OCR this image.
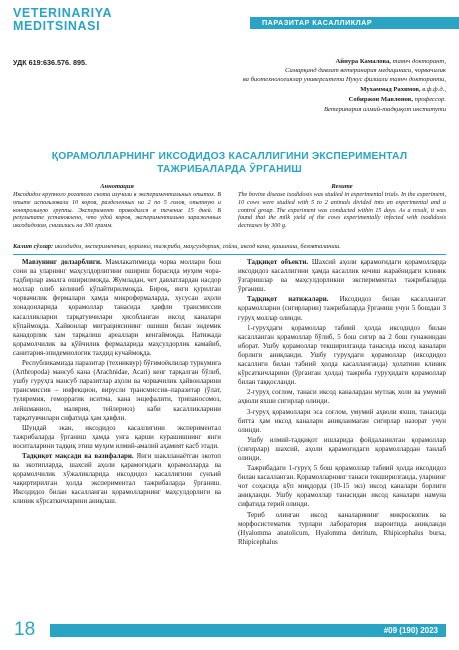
VETERINARIYA
MEDITSINASI	ПАРАЗИТАР КАСАЛЛИКЛАР
УДК 619:636.576. 895.	Айнура Камалова, таянч докторант,
Самарқанд давлат ветеринария медицинаси, чорвачилик
ва биотехнологиялар университети Нукус филиали таянч докторанти,
Мухаммад Рахимов, в.ф.ф.д.,
Собиржон Мавлонов, профессор.
Ветеринария илмий-тадқиқот институти
ҚОРАМОЛЛАРНИНГ ИКСОДИДОЗ КАСАЛЛИГИНИ ЭКСПЕРИМЕНТАЛ
ТАЖРИБАЛАРДА ЎРГАНИШ
Аннотация
Иксодидоз крупного рогатого скота изучали в экспериментальных опытах. В опыте использовали 10 коров, разделенных на 2 по 5 голов, опытную и контрольную группы. Эксперимент проводился в течение 15 дней. В результате установлено, что удой коров, экспериментально зараженных иксодидозом, снизились на 300 грамм.
Resume
The bovine disease ixodidosis was studied in experimental trials. In the experiment, 10 cows were studied with 5 to 2 animals divided into an experimental and a control group. The experiment was conducted within 15 days. As a result, it was found that the milk yield of the cows experimentally infected with ixodidosis decreases by 300 g.
Калит сўзлар: иксодидоз, экспериментал, қорамол, тажриба, маҳсулдорлик, сойли, иксод кана, қашиниш, безовталаниш.

Мавзунинг долзарблиги. Мамлакатимизда чорва моллари бош сони ва уларнинг маҳсулдорлигини ошириш борасида муҳим чора-тадбирлар амалга оширилмоқда. Жумладан, чет давлатлардан насдор моллар олиб келиниб кўпайтирилмоқда. Бироқ, янги қурилган чорвачилик фермалари ҳамда микрофермаларда, хусусан аҳоли хонадонларида қорамоллар танасида ҳавфли трансмиссив касалликларни тарқатувчилари ҳисобланган иксод каналари кўпаймоқда. Хайвонлар миграциясининг ошиши билан эндемик канадорлик хам тарқалиш ареаллари кенгаймоқда. Натижада қорамолчилик ва қўйчилик фермаларида маҳсулдорлик камайиб, санитария-эпидемиологик тахдид кучаймоқда.

Республикамизда паразитар (техниквур) бўғимоёклилар туркумига (Arthropoda) мансуб кана (Arachnidae, Acari) кенг тарқалган бўлиб, ушбу гуруҳга мансуб паразитлар аҳоли ва чорвачилик ҳайвонларини трансмиссив – инфекцион, вирусли трансмиссив–паразитар (ўлат, туляремия, геморрагик иситма, кана энцефалити, трипаносомоз, лейшманиоз, малярия, тейлериоз) каби касалликларини тарқатувчилари сифатида ҳам ҳавфли.

Шундай экан, иксодидоз касаллигини экспериментал тажрибаларда ўрганиш ҳамда унга қарши курашишнинг янги воситаларини тадқиқ этиш муҳим илмий-амалий аҳамият касб этади.

Тадқиқот мақсади ва вазифалари. Янги шаклланаётган экотоп ва экотипларда, шахсий аҳоли қарамоғидаги қорамолларда ва қорамолчилик хўжаликларида иксодидоз касаллигини сунъий чақиртирилган ҳолда экспериментал тажрибаларда ўрганиш. Иксодидоз билан касалланган қорамолларнинг маҳсулдорлиги ва клиник кўрсаткичларини аниқлаш.

Тадқиқот объекти. Шахсий аҳоли қарамоғидаги қорамолларда иксодидоз касаллигини ҳамда касаллик кечиш жараёнидаги клиник ўзгаришлар ва маҳсулдорликни экспериментал тажрибаларда ўрганиш.

Тадқиқот натижалари. Иксодидоз билан касаллангат қорамолларни (сигирларни) тажрибаларда ўрганиш учун 5 бошдан 3 гуруҳ моллар олинди.

1-гуруҳдаги қорамоллар табиий ҳолда иксодидоз билан касалланган қорамоллар бўлиб, 5 бош сигир ва 2 бош ғунажиндан иборат. Ушбу қорамоллар текширилганда танасида иксод каналари борлиги аниқланди. Ушбу гуруҳдаги қорамоллар (иксодидоз касаллиги билан табиий ҳолда касалланганда) ҳолатини клиник кўрсаткичларини (ўрганган ҳолда) тажриба гуруҳидаги қорамоллар билан таққосланди.

2-гуруҳ соғлом, танаси иксод каналардан мутлақ холи ва умумий аҳволи яхши сигирлар олинди.

3-гуруҳ қорамоллари эса соғлом, умумий аҳволи яхши, танасида битта ҳам иксод каналари аниқланмаган сигирлар назорат учун олинди.

Ушбу илмий-тадқиқот ишларида фойдаланилган қорамоллар (сигирлар) шахсий, аҳоли қарамоғидаги қорамоллардан танлаб олинди.

Тажрибадаги 1-гуруҳ 5 бош қорамоллар табиий ҳолда иксодидоз билан касалланган. Қорамолларнинг танаси текширилганда, уларнинг чот соҳасида кўп миқдорда (10-15 экз) иксод каналари борлиги аниқланди. Ушбу қорамоллар танасидан иксод каналари намуна сифатида терий олинди.

Териб олинган иксод каналарининг микроскопик ва морфосистематик турлари лаборатория шароитида аниқланди (Hyalomma anatolicum, Hyalomma detritum, Rhipicephalus bursa, Rhipicephalus

18	#09 (190) 2023
